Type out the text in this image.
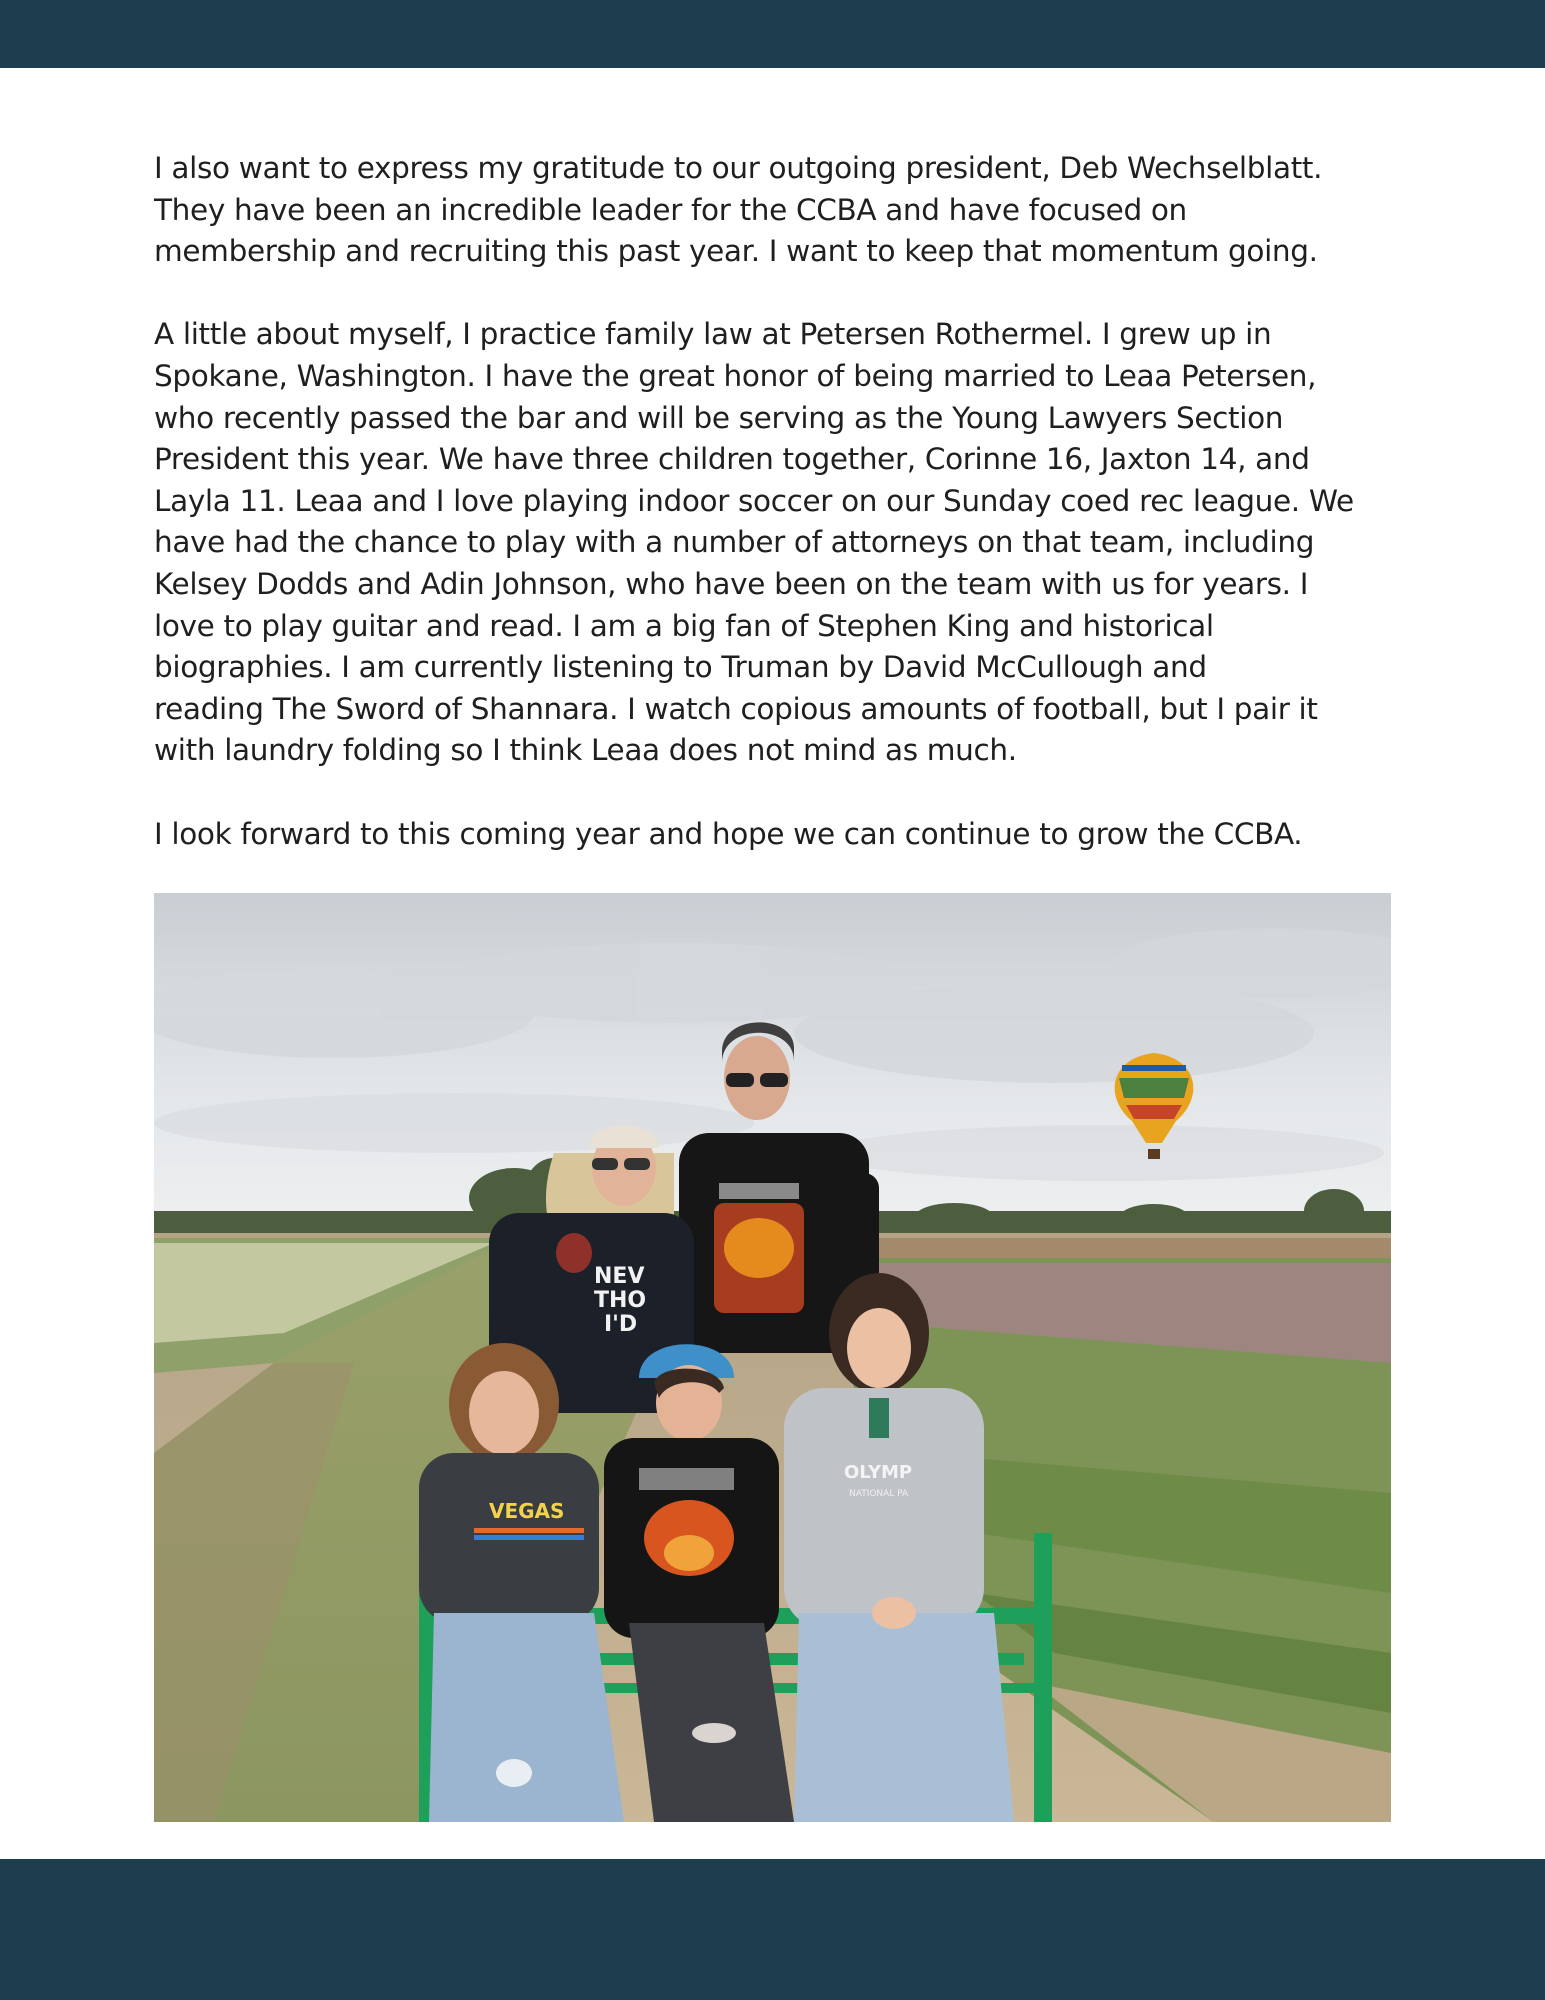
I also want to express my gratitude to our outgoing president, Deb Wechselblatt.
They have been an incredible leader for the CCBA and have focused on
membership and recruiting this past year. I want to keep that momentum going.

A little about myself, I practice family law at Petersen Rothermel. I grew up in
Spokane, Washington. I have the great honor of being married to Leaa Petersen,
who recently passed the bar and will be serving as the Young Lawyers Section
President this year. We have three children together, Corinne 16, Jaxton 14, and
Layla 11. Leaa and I love playing indoor soccer on our Sunday coed rec league. We
have had the chance to play with a number of attorneys on that team, including
Kelsey Dodds and Adin Johnson, who have been on the team with us for years. I
love to play guitar and read. I am a big fan of Stephen King and historical
biographies. I am currently listening to Truman by David McCullough and
reading The Sword of Shannara. I watch copious amounts of football, but I pair it
with laundry folding so I think Leaa does not mind as much.

I look forward to this coming year and hope we can continue to grow the CCBA.

NEV THO I'D
VEGAS
OLYMP
NATIONAL PA
